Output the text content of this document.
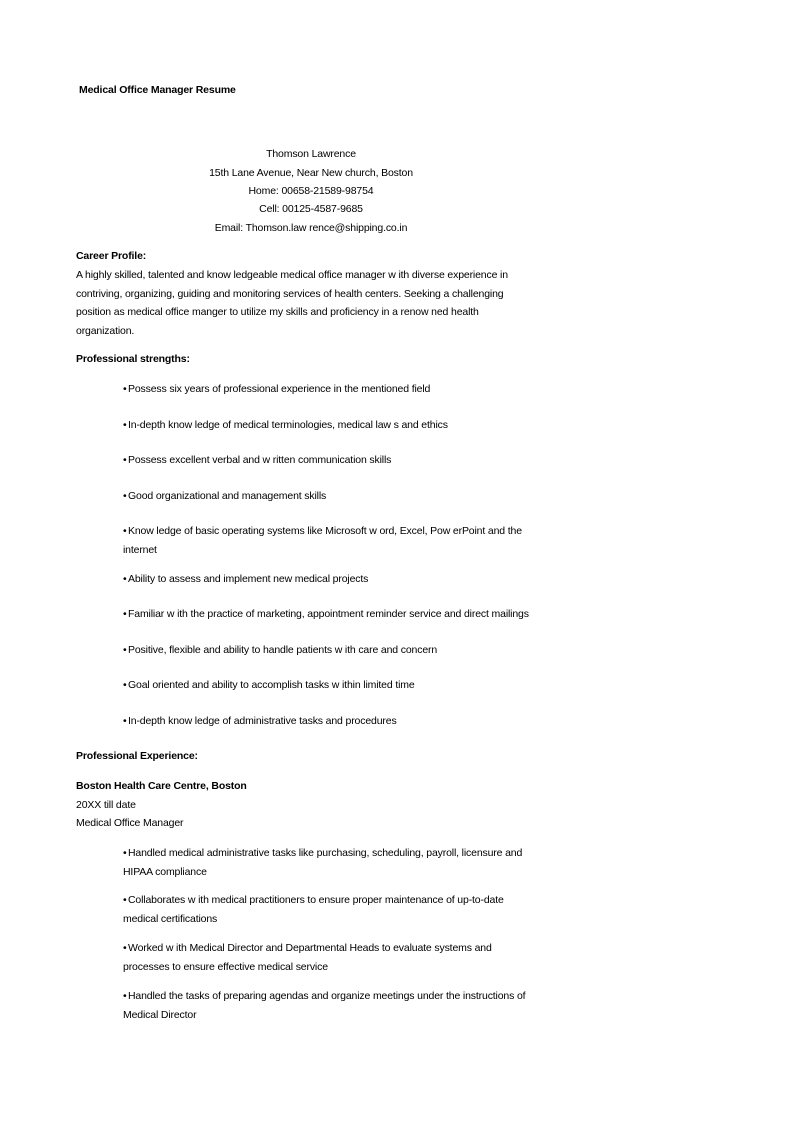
Medical Office Manager Resume
Thomson Lawrence
15th Lane Avenue, Near New church, Boston
Home: 00658-21589-98754
Cell: 00125-4587-9685
Email: Thomson.law rence@shipping.co.in
Career Profile:
A highly skilled, talented and know ledgeable medical office manager w ith diverse experience in
contriving, organizing, guiding and monitoring services of health centers. Seeking a challenging
position as medical office manger to utilize my skills and proficiency in a renow ned health
organization.
Professional strengths:
•Possess six years of professional experience in the mentioned field
•In-depth know ledge of medical terminologies, medical law s and ethics
•Possess excellent verbal and w ritten communication skills
•Good organizational and management skills
•Know ledge of basic operating systems like Microsoft w ord, Excel, Pow erPoint and the
internet
•Ability to assess and implement new medical projects
•Familiar w ith the practice of marketing, appointment reminder service and direct mailings
•Positive, flexible and ability to handle patients w ith care and concern
•Goal oriented and ability to accomplish tasks w ithin limited time
•In-depth know ledge of administrative tasks and procedures
Professional Experience:
Boston Health Care Centre, Boston
20XX till date
Medical Office Manager
•Handled medical administrative tasks like purchasing, scheduling, payroll, licensure and
HIPAA compliance
•Collaborates w ith medical practitioners to ensure proper maintenance of up-to-date
medical certifications
•Worked w ith Medical Director and Departmental Heads to evaluate systems and
processes to ensure effective medical service
•Handled the tasks of preparing agendas and organize meetings under the instructions of
Medical Director
